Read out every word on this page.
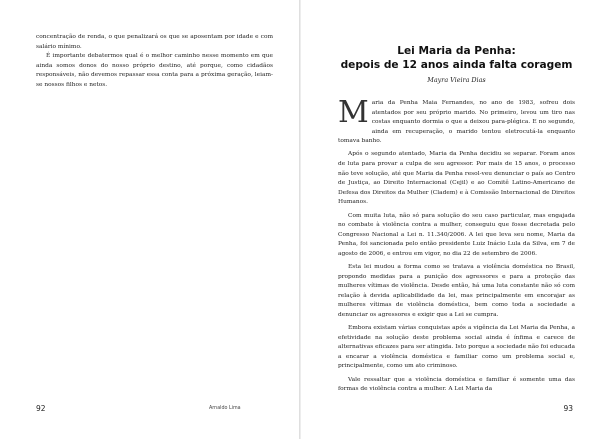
concentração de renda, o que penalizará os que se aposentam por idade e com salário mínimo.

É importante debatermos qual é o melhor caminho nesse momento em que ainda somos donos do nosso próprio destino, até porque, como cidadãos responsáveis, não devemos repassar essa conta para a próxima geração, leiam-se nossos filhos e netos.

92	Arnaldo Lima
Lei Maria da Penha:
depois de 12 anos ainda falta coragem
Mayra Vieira Dias

Maria da Penha Maia Fernandes, no ano de 1983, sofreu dois atentados por seu próprio marido. No primeiro, levou um tiro nas costas enquanto dormia o que a deixou para-plégica. E no segundo, ainda em recuperação, o marido tentou eletrocutá-la enquanto tomava banho.

Após o segundo atentado, Maria da Penha decidiu se separar. Foram anos de luta para provar a culpa de seu agressor. Por mais de 15 anos, o processo não teve solução, até que Maria da Penha resol-veu denunciar o país ao Centro de Justiça, ao Direito Internacional (Cejil) e ao Comitê Latino-Americano de Defesa dos Direitos da Mulher (Cladem) e à Comissão Internacional de Direitos Humanos.

Com muita luta, não só para solução do seu caso particular, mas engajada no combate à violência contra a mulher, conseguiu que fosse decretada pelo Congresso Nacional a Lei n. 11.340/2006. A lei que leva seu nome, Maria da Penha, foi sancionada pelo então presidente Luiz Inácio Lula da Silva, em 7 de agosto de 2006, e entrou em vigor, no dia 22 de setembro de 2006.

Esta lei mudou a forma como se tratava a violência doméstica no Brasil, propondo medidas para a punição dos agressores e para a proteção das mulheres vítimas de violência. Desde então, há uma luta constante não só com relação à devida aplicabilidade da lei, mas principalmente em encorajar as mulheres vítimas de violência doméstica, bem como toda a sociedade a denunciar os agressores e exigir que a Lei se cumpra.

Embora existam várias conquistas após a vigência da Lei Maria da Penha, a efetividade na solução deste problema social ainda é ínfima e carece de alternativas eficazes para ser atingida. Isto porque a sociedade não foi educada a encarar a violência doméstica e familiar como um problema social e, principalmente, como um ato criminoso.

Vale ressaltar que a violência doméstica e familiar é somente uma das formas de violência contra a mulher. A Lei Maria da

93
